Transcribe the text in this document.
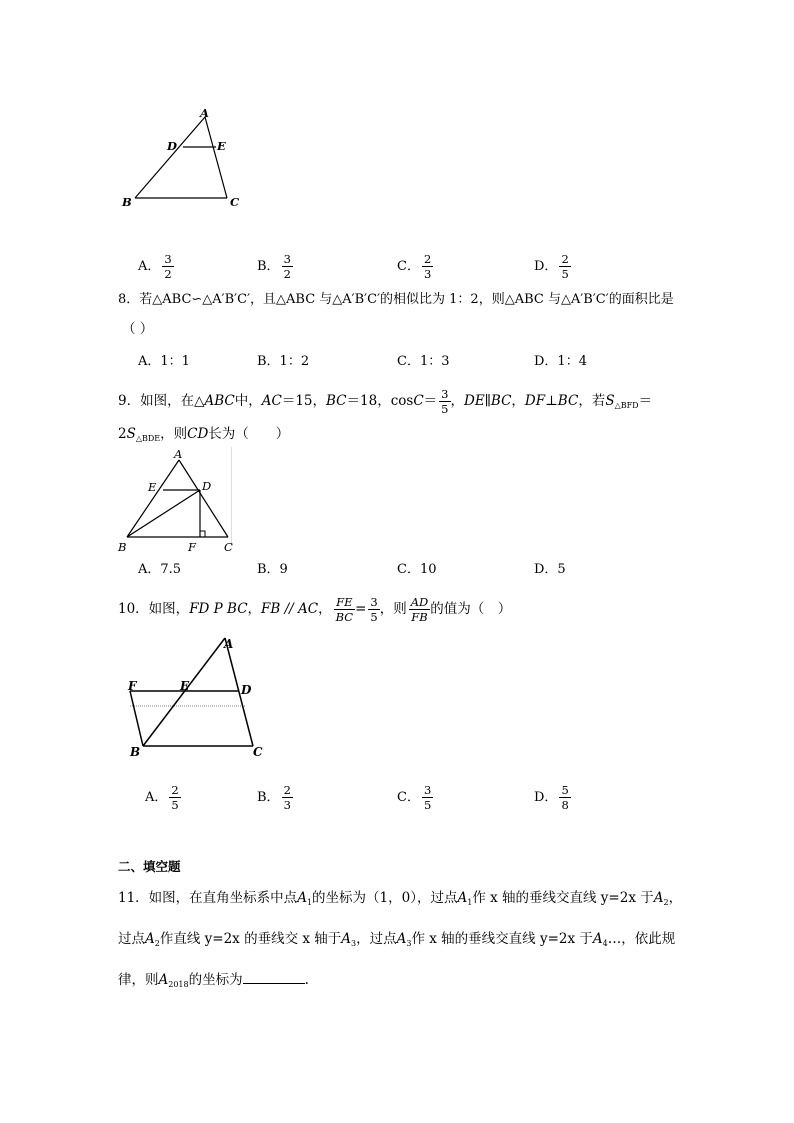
A
B	C
D	E
A． $\frac{3}{2}$	B． $\frac{3}{2}$	C． $\frac{2}{3}$	D． $\frac{2}{5}$
8．若△ABC∽△A′B′C′，且△ABC 与△A′B′C′的相似比为 1：2，则△ABC 与△A′B′C′的面积比是
（ ）
A．1：1	B．1：2	C．1：3	D．1：4
9．如图，在△ABC中，AC＝15，BC＝18，$\cos C= \frac{3}{5}$ ，DE∥BC，DF⊥BC，若$S_{\triangle BFD}=$
$2S_{\triangle BDE}$，则CD长为（　　）
A
B	C
D
E
F
A．7.5	B．9	C．10	D．5
10．如图，FD P BC，FB // AC， $\frac{FE}{BC} = \frac{3}{5}$ ，则 $\frac{AD}{FB}$ 的值为（　）
A
B	C
D
E
F
A． $\frac{2}{5}$	B． $\frac{2}{3}$	C． $\frac{3}{5}$	D． $\frac{5}{8}$
二、填空题
11．如图，在直角坐标系中点$A_1$的坐标为（1，0），过点$A_1$作 x 轴的垂线交直线 y=2x 于$A_2$，
过点$A_2$作直线 y=2x 的垂线交 x 轴于$A_3$，过点$A_3$作 x 轴的垂线交直线 y=2x 于$A_4\dots$，依此规
律，则$A_{2018}$的坐标为	.
